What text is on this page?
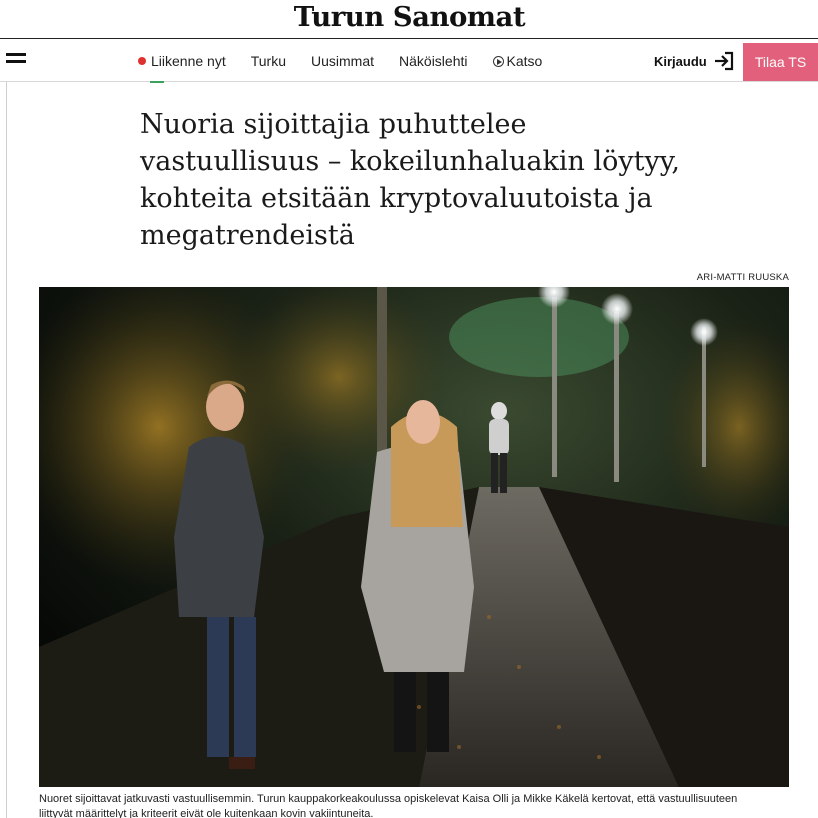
Turun Sanomat
Liikenne nyt Turku Uusimmat Näköislehti	Katso	Kirjaudu	Tilaa TS
Nuoria sijoittajia puhuttelee vastuullisuus – kokeilunhaluakin löytyy, kohteita etsitään kryptovaluutoista ja megatrendeistä
ARI-MATTI RUUSKA
Nuoret sijoittavat jatkuvasti vastuullisemmin. Turun kauppakorkeakoulussa opiskelevat Kaisa Olli ja Mikke Käkelä kertovat, että vastuullisuuteen liittyvät määrittelyt ja kriteerit eivät ole kuitenkaan kovin vakiintuneita.
